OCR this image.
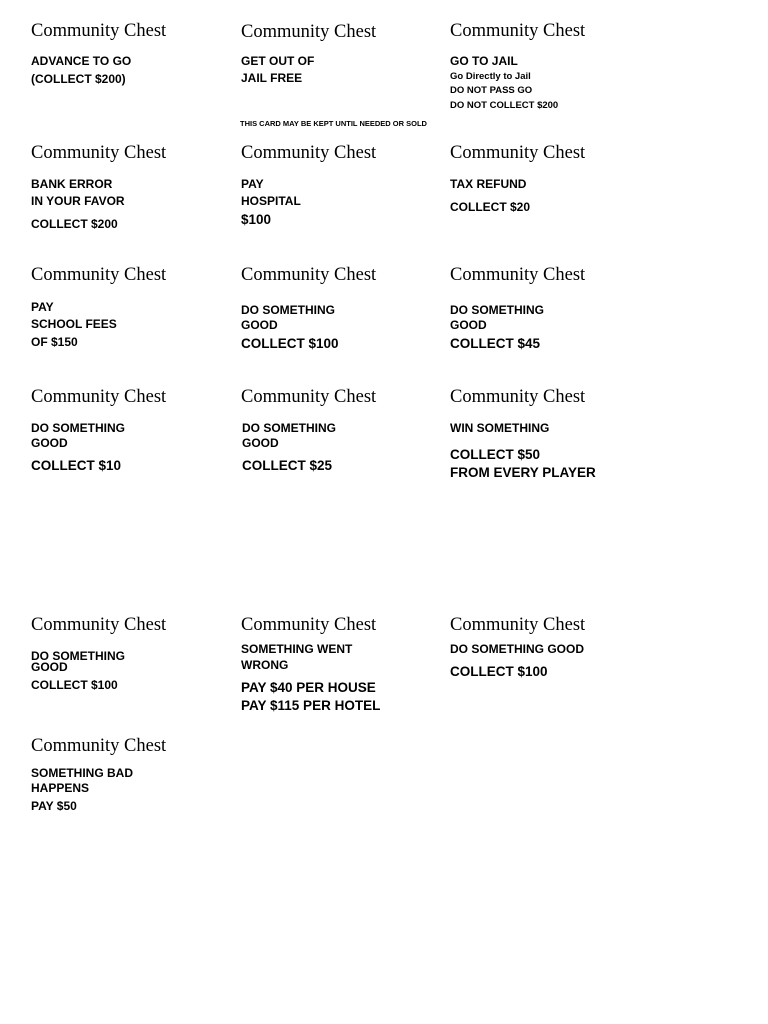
Community Chest
ADVANCE TO GO
(COLLECT $200)
Community Chest
GET OUT OF
JAIL FREE
THIS CARD MAY BE KEPT UNTIL NEEDED OR SOLD
Community Chest
GO TO JAIL
Go Directly to Jail
DO NOT PASS GO
DO NOT COLLECT $200
Community Chest
BANK ERROR
IN YOUR FAVOR
COLLECT $200
Community Chest
PAY
HOSPITAL
$100
Community Chest
TAX REFUND
COLLECT $20
Community Chest
PAY
SCHOOL FEES
OF $150
Community Chest
DO SOMETHING
GOOD
COLLECT $100
Community Chest
DO SOMETHING
GOOD
COLLECT $45
Community Chest
DO SOMETHING
GOOD
COLLECT $10
Community Chest
DO SOMETHING
GOOD
COLLECT $25
Community Chest
WIN SOMETHING
COLLECT $50
FROM EVERY PLAYER
Community Chest
DO SOMETHING
GOOD
COLLECT $100
Community Chest
SOMETHING WENT
WRONG
PAY $40 PER HOUSE
PAY $115 PER HOTEL
Community Chest
DO SOMETHING GOOD
COLLECT $100
Community Chest
SOMETHING BAD
HAPPENS
PAY $50
